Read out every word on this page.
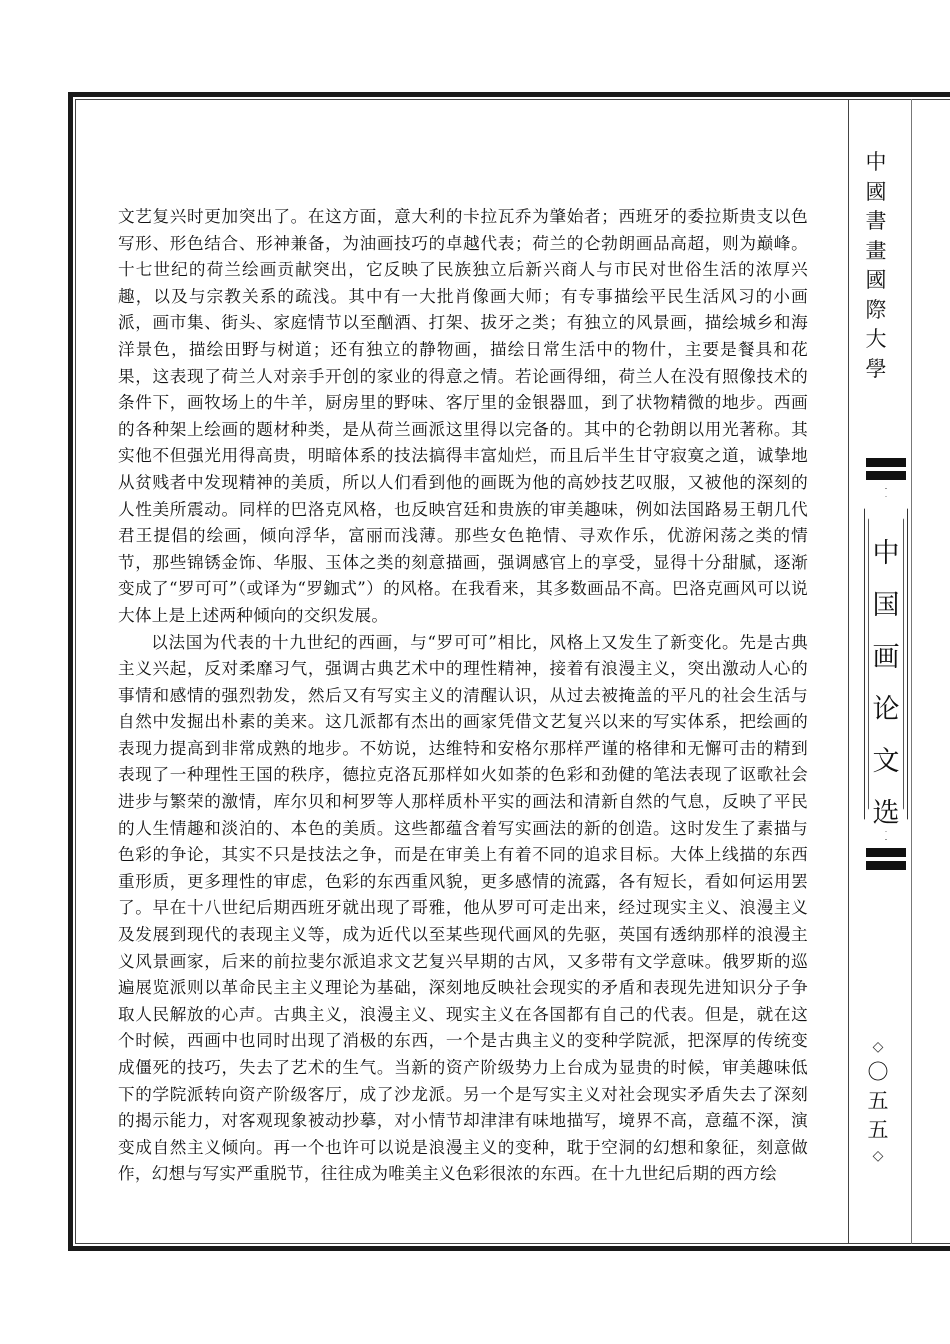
文艺复兴时更加突出了。在这方面，意大利的卡拉瓦乔为肇始者；西班牙的委拉斯贵支以色写形、形色结合、形神兼备，为油画技巧的卓越代表；荷兰的仑勃朗画品高超，则为巅峰。十七世纪的荷兰绘画贡献突出，它反映了民族独立后新兴商人与市民对世俗生活的浓厚兴趣，以及与宗教关系的疏浅。其中有一大批肖像画大师；有专事描绘平民生活风习的小画派，画市集、街头、家庭情节以至酗酒、打架、拔牙之类；有独立的风景画，描绘城乡和海洋景色，描绘田野与树道；还有独立的静物画，描绘日常生活中的物什，主要是餐具和花果，这表现了荷兰人对亲手开创的家业的得意之情。若论画得细，荷兰人在没有照像技术的条件下，画牧场上的牛羊，厨房里的野味、客厅里的金银器皿，到了状物精微的地步。西画的各种架上绘画的题材种类，是从荷兰画派这里得以完备的。其中的仑勃朗以用光著称。其实他不但强光用得高贵，明暗体系的技法搞得丰富灿烂，而且后半生甘守寂寞之道，诚挚地从贫贱者中发现精神的美质，所以人们看到他的画既为他的高妙技艺叹服，又被他的深刻的人性美所震动。同样的巴洛克风格，也反映宫廷和贵族的审美趣味，例如法国路易王朝几代君王提倡的绘画，倾向浮华，富丽而浅薄。那些女色艳情、寻欢作乐，优游闲荡之类的情节，那些锦锈金饰、华服、玉体之类的刻意描画，强调感官上的享受，显得十分甜腻，逐渐变成了“罗可可”（或译为“罗鉫式”）的风格。在我看来，其多数画品不高。巴洛克画风可以说大体上是上述两种倾向的交织发展。

以法国为代表的十九世纪的西画，与“罗可可”相比，风格上又发生了新变化。先是古典主义兴起，反对柔靡习气，强调古典艺术中的理性精神，接着有浪漫主义，突出激动人心的事情和感情的强烈勃发，然后又有写实主义的清醒认识，从过去被掩盖的平凡的社会生活与自然中发掘出朴素的美来。这几派都有杰出的画家凭借文艺复兴以来的写实体系，把绘画的表现力提高到非常成熟的地步。不妨说，达维特和安格尔那样严谨的格律和无懈可击的精到表现了一种理性王国的秩序，德拉克洛瓦那样如火如荼的色彩和劲健的笔法表现了讴歌社会进步与繁荣的激情，库尔贝和柯罗等人那样质朴平实的画法和清新自然的气息，反映了平民的人生情趣和淡泊的、本色的美质。这些都蕴含着写实画法的新的创造。这时发生了素描与色彩的争论，其实不只是技法之争，而是在审美上有着不同的追求目标。大体上线描的东西重形质，更多理性的审虑，色彩的东西重风貌，更多感情的流露，各有短长，看如何运用罢了。早在十八世纪后期西班牙就出现了哥雅，他从罗可可走出来，经过现实主义、浪漫主义及发展到现代的表现主义等，成为近代以至某些现代画风的先驱，英国有透纳那样的浪漫主义风景画家，后来的前拉斐尔派追求文艺复兴早期的古风，又多带有文学意味。俄罗斯的巡遍展览派则以革命民主主义理论为基础，深刻地反映社会现实的矛盾和表现先进知识分子争取人民解放的心声。古典主义，浪漫主义、现实主义在各国都有自己的代表。但是，就在这个时候，西画中也同时出现了消极的东西，一个是古典主义的变种学院派，把深厚的传统变成僵死的技巧，失去了艺术的生气。当新的资产阶级势力上台成为显贵的时候，审美趣味低下的学院派转向资产阶级客厅，成了沙龙派。另一个是写实主义对社会现实矛盾失去了深刻的揭示能力，对客观现象被动抄摹，对小情节却津津有味地描写，境界不高，意蕴不深，演变成自然主义倾向。再一个也许可以说是浪漫主义的变种，耽于空洞的幻想和象征，刻意做作，幻想与写实严重脱节，往往成为唯美主义色彩很浓的东西。在十九世纪后期的西方绘

中
國
書
畫
國
際
大
學
中
国
画
论
文
选
◇
〇
五
五
◇
